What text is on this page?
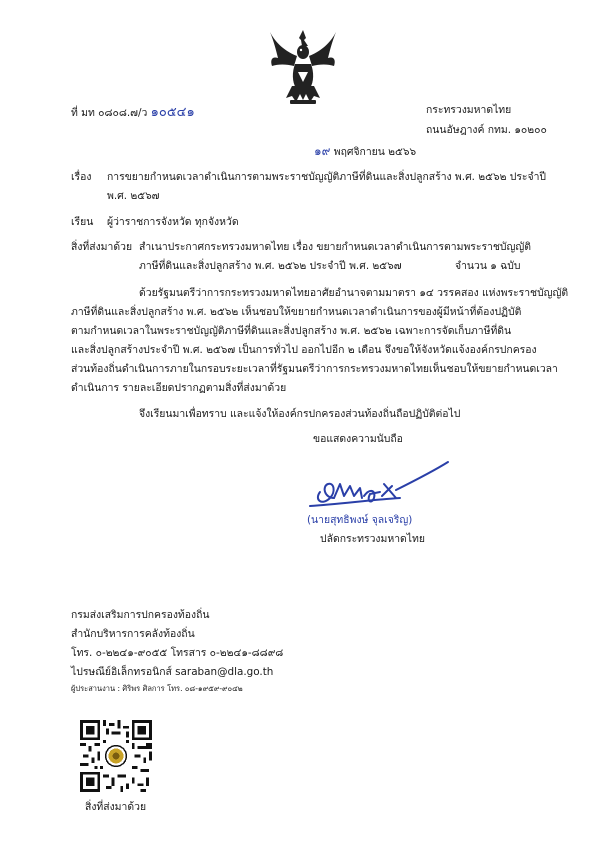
ที่ มท ๐๘๐๘.๗/ว ๑๐๕๔๑	กระทรวงมหาดไทย
ถนนอัษฎางค์ กทม. ๑๐๒๐๐
๑๙ พฤศจิกายน ๒๕๖๖
เรื่อง การขยายกำหนดเวลาดำเนินการตามพระราชบัญญัติภาษีที่ดินและสิ่งปลูกสร้าง พ.ศ. ๒๕๖๒ ประจำปี
พ.ศ. ๒๕๖๗
เรียน ผู้ว่าราชการจังหวัด ทุกจังหวัด
สิ่งที่ส่งมาด้วย สำเนาประกาศกระทรวงมหาดไทย เรื่อง ขยายกำหนดเวลาดำเนินการตามพระราชบัญญัติ
ภาษีที่ดินและสิ่งปลูกสร้าง พ.ศ. ๒๕๖๒ ประจำปี พ.ศ. ๒๕๖๗	จำนวน ๑ ฉบับ
ด้วยรัฐมนตรีว่าการกระทรวงมหาดไทยอาศัยอำนาจตามมาตรา ๑๔ วรรคสอง แห่งพระราชบัญญัติ
ภาษีที่ดินและสิ่งปลูกสร้าง พ.ศ. ๒๕๖๒ เห็นชอบให้ขยายกำหนดเวลาดำเนินการของผู้มีหน้าที่ต้องปฏิบัติ
ตามกำหนดเวลาในพระราชบัญญัติภาษีที่ดินและสิ่งปลูกสร้าง พ.ศ. ๒๕๖๒ เฉพาะการจัดเก็บภาษีที่ดิน
และสิ่งปลูกสร้างประจำปี พ.ศ. ๒๕๖๗ เป็นการทั่วไป ออกไปอีก ๒ เดือน จึงขอให้จังหวัดแจ้งองค์กรปกครอง
ส่วนท้องถิ่นดำเนินการภายในกรอบระยะเวลาที่รัฐมนตรีว่าการกระทรวงมหาดไทยเห็นชอบให้ขยายกำหนดเวลา
ดำเนินการ รายละเอียดปรากฏตามสิ่งที่ส่งมาด้วย
จึงเรียนมาเพื่อทราบ และแจ้งให้องค์กรปกครองส่วนท้องถิ่นถือปฏิบัติต่อไป
ขอแสดงความนับถือ
(นายสุทธิพงษ์ จุลเจริญ)
ปลัดกระทรวงมหาดไทย
กรมส่งเสริมการปกครองท้องถิ่น
สำนักบริหารการคลังท้องถิ่น
โทร. ๐-๒๒๔๑-๙๐๕๕ โทรสาร ๐-๒๒๔๑-๘๘๙๘
ไปรษณีย์อิเล็กทรอนิกส์ saraban@dla.go.th
ผู้ประสานงาน : ศิริพร ศิลการ โทร. ๐๘-๑๙๕๙-๙๐๔๒
สิ่งที่ส่งมาด้วย
